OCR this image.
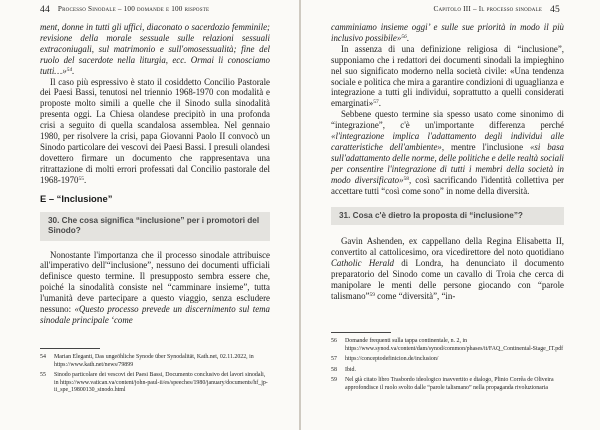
44 Processo Sinodale – 100 domande e 100 risposte

ment, donne in tutti gli uffici, diaconato o sacerdozio femminile; revisione della morale sessuale sulle relazioni sessuali extraconiugali, sul matrimonio e sull'omosessualità; fine del ruolo del sacerdote nella liturgia, ecc. Ormai li conosciamo tutti…»$^{54}$.

Il caso più espressivo è stato il cosiddetto Concilio Pastorale dei Paesi Bassi, tenutosi nel triennio 1968-1970 con modalità e proposte molto simili a quelle che il Sinodo sulla sinodalità presenta oggi. La Chiesa olandese precipitò in una profonda crisi a seguito di quella scandalosa assemblea. Nel gennaio 1980, per risolvere la crisi, papa Giovanni Paolo II convocò un Sinodo particolare dei vescovi dei Paesi Bassi. I presuli olandesi dovettero firmare un documento che rappresentava una ritrattazione di molti errori professati dal Concilio pastorale del 1968-1970$^{55}$.

E – “Inclusione”
30. Che cosa significa “inclusione” per i promotori del Sinodo?

Nonostante l'importanza che il processo sinodale attribuisce all'imperativo dell'“inclusione”, nessuno dei documenti ufficiali definisce questo termine. Il presupposto sembra essere che, poiché la sinodalità consiste nel “camminare insieme”, tutta l'umanità deve partecipare a questo viaggio, senza escludere nessuno: «Questo processo prevede un discernimento sul tema sinodale principale ‘come

54	Marian Eleganti, Das ungeöhliche Synode über Synodalität, Kath.net, 02.11.2022, in https://www.kath.net/news/79899
55	Sinodo particolare dei vescovi dei Paesi Bassi, Documento conclusivo dei lavori sinodali, in https://www.vatican.va/content/john-paul-ii/es/speeches/1980/january/documents/hf_jp-ii_spe_19800130_sinodo.html
Capitolo III – Il processo sinodale 45

camminiamo insieme oggi’ e sulle sue priorità in modo il più inclusivo possibile»$^{56}$.

In assenza di una definizione religiosa di “inclusione”, supponiamo che i redattori dei documenti sinodali la impieghino nel suo significato moderno nella società civile: «Una tendenza sociale e politica che mira a garantire condizioni di uguaglianza e integrazione a tutti gli individui, soprattutto a quelli considerati emarginati»$^{57}$.

Sebbene questo termine sia spesso usato come sinonimo di “integrazione”, c'è un'importante differenza perché «l'integrazione implica l'adattamento degli individui alle caratteristiche dell'ambiente», mentre l'inclusione «si basa sull'adattamento delle norme, delle politiche e delle realtà sociali per consentire l'integrazione di tutti i membri della società in modo diversificato»$^{58}$, così sacrificando l'identità collettiva per accettare tutti “così come sono” in nome della diversità.

31. Cosa c'è dietro la proposta di “inclusione”?

Gavin Ashenden, ex cappellano della Regina Elisabetta II, convertito al cattolicesimo, ora vicedirettore del noto quotidiano Catholic Herald di Londra, ha denunciato il documento preparatorio del Sinodo come un cavallo di Troia che cerca di manipolare le menti delle persone giocando con “parole talismano”$^{59}$ come “diversità”, “in-

56	Domande frequenti sulla tappa continentale, n. 2, in https://www.synod.va/content/dam/synod/common/phases/it/FAQ_Continental-Stage_IT.pdf
57	https://conceptodefinicion.de/inclusion/
58	Ibid.
59	Nel già citato libro Trasbordo ideologico inavvertito e dialogo, Plinio Corrêa de Oliveira approfondisce il ruolo svolto dalle “parole talismano” nella propaganda rivoluzionaria
